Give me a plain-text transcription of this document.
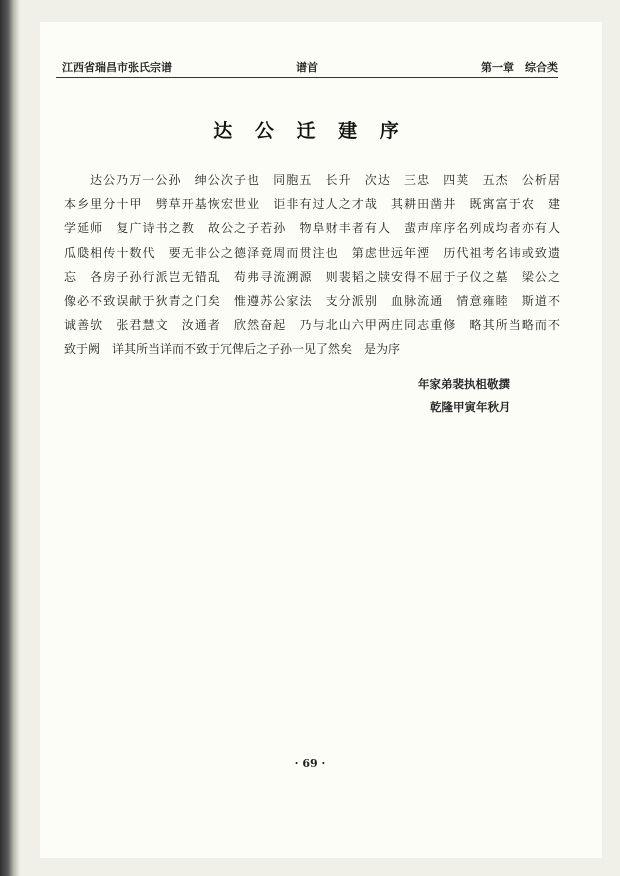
江西省瑞昌市张氏宗谱	谱首	第一章　综合类
达 公 迁 建 序
达公乃万一公孙　绅公次子也　同胞五　长升　次达　三忠　四荚　五杰　公析居
本乡里分十甲　劈草开基恢宏世业　讵非有过人之才哉　其耕田凿井　既寓富于农　建
学延师　复广诗书之教　故公之子若孙　物阜财丰者有人　蜚声庠序名列成均者亦有人
瓜瓞相传十数代　要无非公之德泽竟周而贯注也　第虑世远年湮　历代祖考名讳或致遗
忘　各房子孙行派岂无错乱　苟弗寻流溯源　则裴韬之牍安得不屈于子仪之墓　梁公之
像必不致误献于狄青之门矣　惟遵苏公家法　支分派别　血脉流通　情意雍睦　斯道不
诚善欤　张君慧文　汝通者　欣然奋起　乃与北山六甲两庄同志重修　略其所当略而不
致于阙　详其所当详而不致于冗俾后之子孙一见了然矣　是为序
年家弟裴执柤敬撰
乾隆甲寅年秋月
· 69 ·
